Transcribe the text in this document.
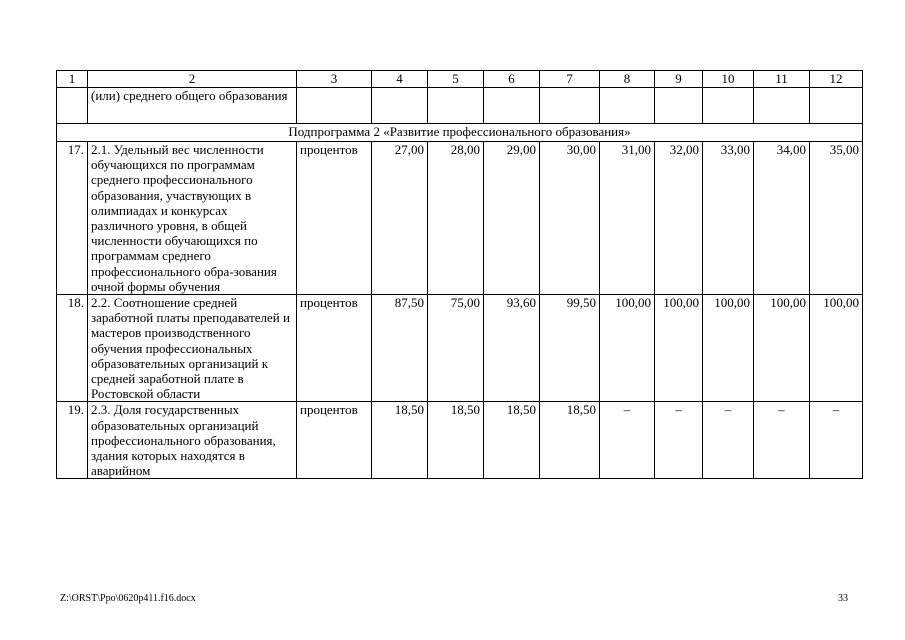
1	2	3	4	5	6	7	8	9	10	11	12
	(или) среднего общего образования										
Подпрограмма 2 «Развитие профессионального образования»											
17.	2.1. Удельный вес численности обучающихся по программам среднего профессионального образования, участвующих в олимпиадах и конкурсах различного уровня, в общей численности обучающихся по программам среднего профессионального обра-зования очной формы обучения	процентов	27,00	28,00	29,00	30,00	31,00	32,00	33,00	34,00	35,00
18.	2.2. Соотношение средней заработной платы преподавателей и мастеров производственного обучения профессиональных образовательных организаций к средней заработной плате в Ростовской области	процентов	87,50	75,00	93,60	99,50	100,00	100,00	100,00	100,00	100,00
19.	2.3. Доля государственных образовательных организаций профессионального образования, здания которых находятся в аварийном	процентов	18,50	18,50	18,50	18,50	–	–	–	–	–
Z:\ORST\Ppo\0620p411.f16.docx	33
